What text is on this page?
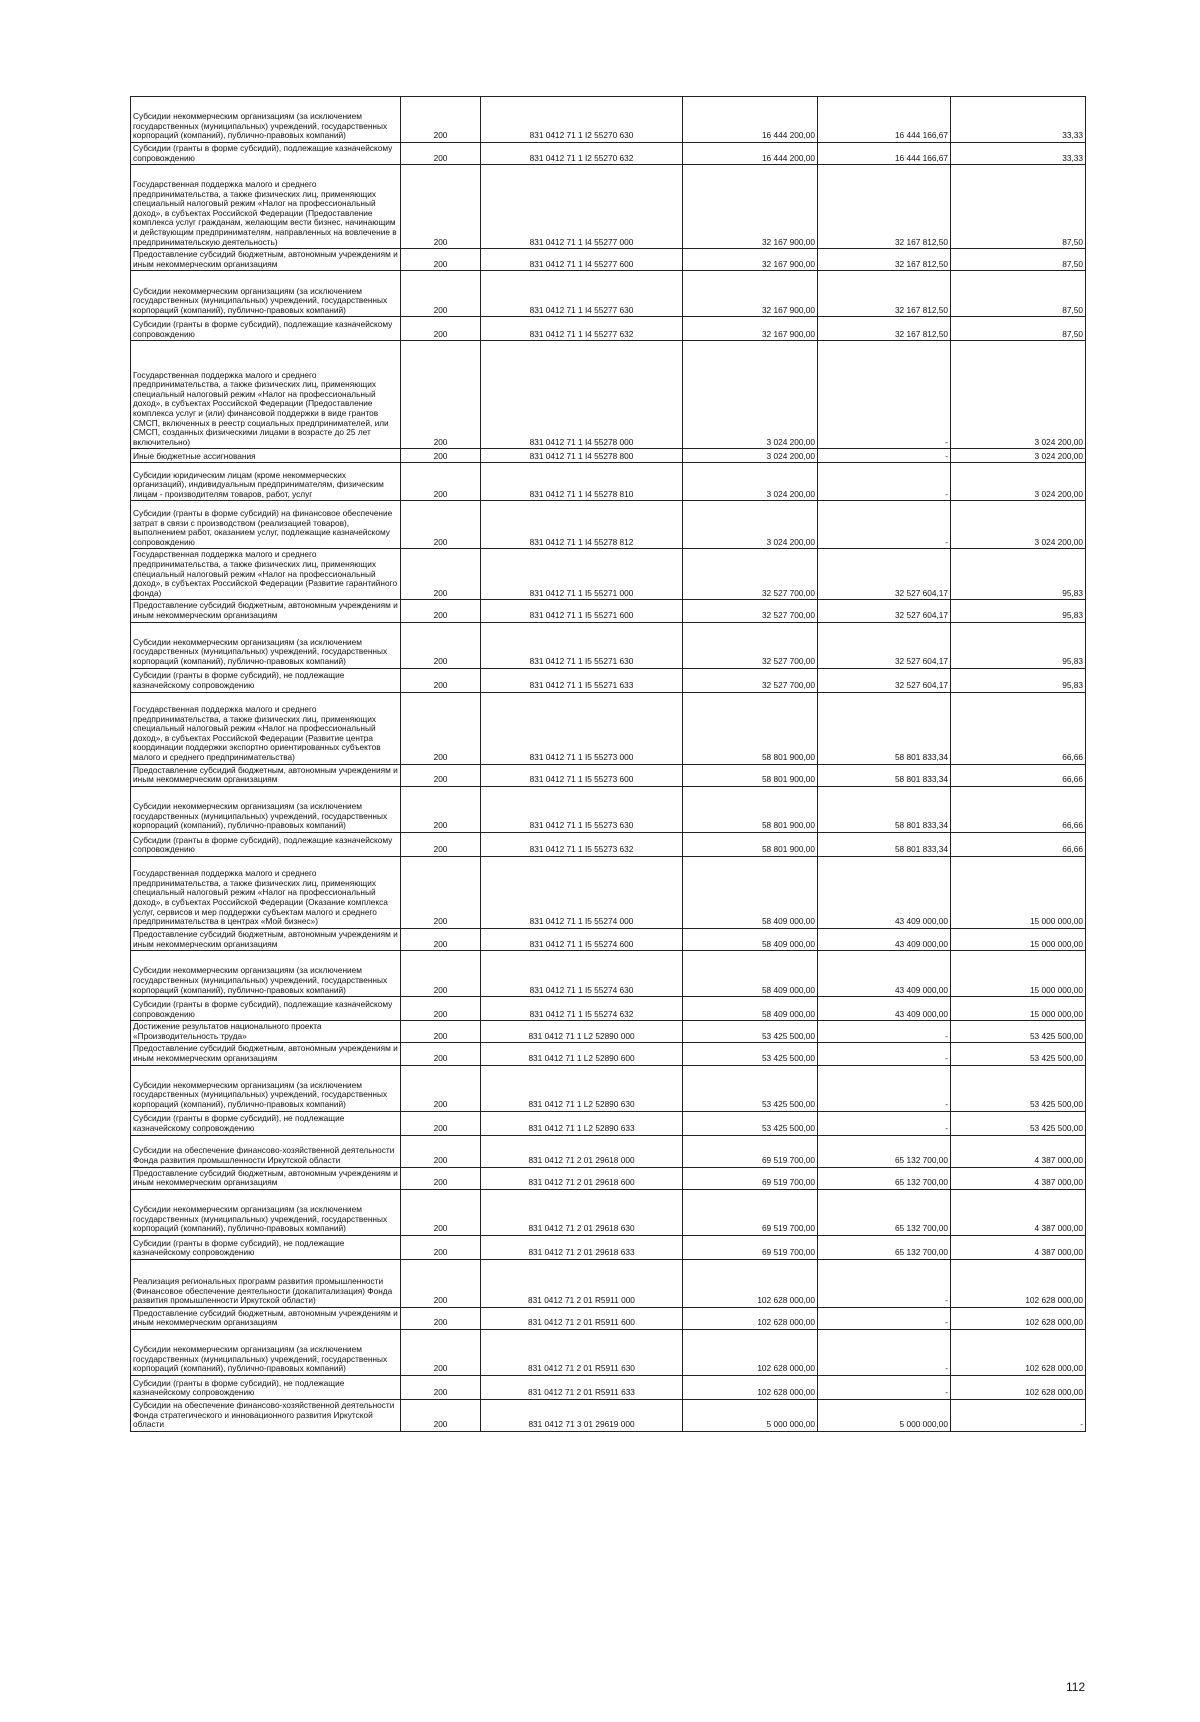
Субсидии некоммерческим организациям (за исключением государственных (муниципальных) учреждений, государственных корпораций (компаний), публично-правовых компаний)	200	831 0412 71 1 I2 55270 630	16 444 200,00	16 444 166,67	33,33
Субсидии (гранты в форме субсидий), подлежащие казначейскому сопровождению	200	831 0412 71 1 I2 55270 632	16 444 200,00	16 444 166,67	33,33
Государственная поддержка малого и среднего предпринимательства, а также физических лиц, применяющих специальный налоговый режим «Налог на профессиональный доход», в субъектах Российской Федерации (Предоставление комплекса услуг гражданам, желающим вести бизнес, начинающим и действующим предпринимателям, направленных на вовлечение в предпринимательскую деятельность)	200	831 0412 71 1 I4 55277 000	32 167 900,00	32 167 812,50	87,50
Предоставление субсидий бюджетным, автономным учреждениям и иным некоммерческим организациям	200	831 0412 71 1 I4 55277 600	32 167 900,00	32 167 812,50	87,50
Субсидии некоммерческим организациям (за исключением государственных (муниципальных) учреждений, государственных корпораций (компаний), публично-правовых компаний)	200	831 0412 71 1 I4 55277 630	32 167 900,00	32 167 812,50	87,50
Субсидии (гранты в форме субсидий), подлежащие казначейскому сопровождению	200	831 0412 71 1 I4 55277 632	32 167 900,00	32 167 812,50	87,50
Государственная поддержка малого и среднего предпринимательства, а также физических лиц, применяющих специальный налоговый режим «Налог на профессиональный доход», в субъектах Российской Федерации (Предоставление комплекса услуг и (или) финансовой поддержки в виде грантов СМСП, включенных в реестр социальных предпринимателей, или СМСП, созданных физическими лицами в возрасте до 25 лет включительно)	200	831 0412 71 1 I4 55278 000	3 024 200,00	-	3 024 200,00
Иные бюджетные ассигнования	200	831 0412 71 1 I4 55278 800	3 024 200,00	-	3 024 200,00
Субсидии юридическим лицам (кроме некоммерческих организаций), индивидуальным предпринимателям, физическим лицам - производителям товаров, работ, услуг	200	831 0412 71 1 I4 55278 810	3 024 200,00	-	3 024 200,00
Субсидии (гранты в форме субсидий) на финансовое обеспечение затрат в связи с производством (реализацией товаров), выполнением работ, оказанием услуг, подлежащие казначейскому сопровождению	200	831 0412 71 1 I4 55278 812	3 024 200,00	-	3 024 200,00
Государственная поддержка малого и среднего предпринимательства, а также физических лиц, применяющих специальный налоговый режим «Налог на профессиональный доход», в субъектах Российской Федерации (Развитие гарантийного фонда)	200	831 0412 71 1 I5 55271 000	32 527 700,00	32 527 604,17	95,83
Предоставление субсидий бюджетным, автономным учреждениям и иным некоммерческим организациям	200	831 0412 71 1 I5 55271 600	32 527 700,00	32 527 604,17	95,83
Субсидии некоммерческим организациям (за исключением государственных (муниципальных) учреждений, государственных корпораций (компаний), публично-правовых компаний)	200	831 0412 71 1 I5 55271 630	32 527 700,00	32 527 604,17	95,83
Субсидии (гранты в форме субсидий), не подлежащие казначейскому сопровождению	200	831 0412 71 1 I5 55271 633	32 527 700,00	32 527 604,17	95,83
Государственная поддержка малого и среднего предпринимательства, а также физических лиц, применяющих специальный налоговый режим «Налог на профессиональный доход», в субъектах Российской Федерации (Развитие центра координации поддержки экспортно ориентированных субъектов малого и среднего предпринимательства)	200	831 0412 71 1 I5 55273 000	58 801 900,00	58 801 833,34	66,66
Предоставление субсидий бюджетным, автономным учреждениям и иным некоммерческим организациям	200	831 0412 71 1 I5 55273 600	58 801 900,00	58 801 833,34	66,66
Субсидии некоммерческим организациям (за исключением государственных (муниципальных) учреждений, государственных корпораций (компаний), публично-правовых компаний)	200	831 0412 71 1 I5 55273 630	58 801 900,00	58 801 833,34	66,66
Субсидии (гранты в форме субсидий), подлежащие казначейскому сопровождению	200	831 0412 71 1 I5 55273 632	58 801 900,00	58 801 833,34	66,66
Государственная поддержка малого и среднего предпринимательства, а также физических лиц, применяющих специальный налоговый режим «Налог на профессиональный доход», в субъектах Российской Федерации (Оказание комплекса услуг, сервисов и мер поддержки субъектам малого и среднего предпринимательства в центрах «Мой бизнес»)	200	831 0412 71 1 I5 55274 000	58 409 000,00	43 409 000,00	15 000 000,00
Предоставление субсидий бюджетным, автономным учреждениям и иным некоммерческим организациям	200	831 0412 71 1 I5 55274 600	58 409 000,00	43 409 000,00	15 000 000,00
Субсидии некоммерческим организациям (за исключением государственных (муниципальных) учреждений, государственных корпораций (компаний), публично-правовых компаний)	200	831 0412 71 1 I5 55274 630	58 409 000,00	43 409 000,00	15 000 000,00
Субсидии (гранты в форме субсидий), подлежащие казначейскому сопровождению	200	831 0412 71 1 I5 55274 632	58 409 000,00	43 409 000,00	15 000 000,00
Достижение результатов национального проекта «Производительность труда»	200	831 0412 71 1 L2 52890 000	53 425 500,00	-	53 425 500,00
Предоставление субсидий бюджетным, автономным учреждениям и иным некоммерческим организациям	200	831 0412 71 1 L2 52890 600	53 425 500,00	-	53 425 500,00
Субсидии некоммерческим организациям (за исключением государственных (муниципальных) учреждений, государственных корпораций (компаний), публично-правовых компаний)	200	831 0412 71 1 L2 52890 630	53 425 500,00	-	53 425 500,00
Субсидии (гранты в форме субсидий), не подлежащие казначейскому сопровождению	200	831 0412 71 1 L2 52890 633	53 425 500,00	-	53 425 500,00
Субсидии на обеспечение финансово-хозяйственной деятельности Фонда развития промышленности Иркутской области	200	831 0412 71 2 01 29618 000	69 519 700,00	65 132 700,00	4 387 000,00
Предоставление субсидий бюджетным, автономным учреждениям и иным некоммерческим организациям	200	831 0412 71 2 01 29618 600	69 519 700,00	65 132 700,00	4 387 000,00
Субсидии некоммерческим организациям (за исключением государственных (муниципальных) учреждений, государственных корпораций (компаний), публично-правовых компаний)	200	831 0412 71 2 01 29618 630	69 519 700,00	65 132 700,00	4 387 000,00
Субсидии (гранты в форме субсидий), не подлежащие казначейскому сопровождению	200	831 0412 71 2 01 29618 633	69 519 700,00	65 132 700,00	4 387 000,00
Реализация региональных программ развития промышленности (Финансовое обеспечение деятельности (докапитализация) Фонда развития промышленности Иркутской области)	200	831 0412 71 2 01 R5911 000	102 628 000,00	-	102 628 000,00
Предоставление субсидий бюджетным, автономным учреждениям и иным некоммерческим организациям	200	831 0412 71 2 01 R5911 600	102 628 000,00	-	102 628 000,00
Субсидии некоммерческим организациям (за исключением государственных (муниципальных) учреждений, государственных корпораций (компаний), публично-правовых компаний)	200	831 0412 71 2 01 R5911 630	102 628 000,00	-	102 628 000,00
Субсидии (гранты в форме субсидий), не подлежащие казначейскому сопровождению	200	831 0412 71 2 01 R5911 633	102 628 000,00	-	102 628 000,00
Субсидии на обеспечение финансово-хозяйственной деятельности Фонда стратегического и инновационного развития Иркутской области	200	831 0412 71 3 01 29619 000	5 000 000,00	5 000 000,00	-
112
